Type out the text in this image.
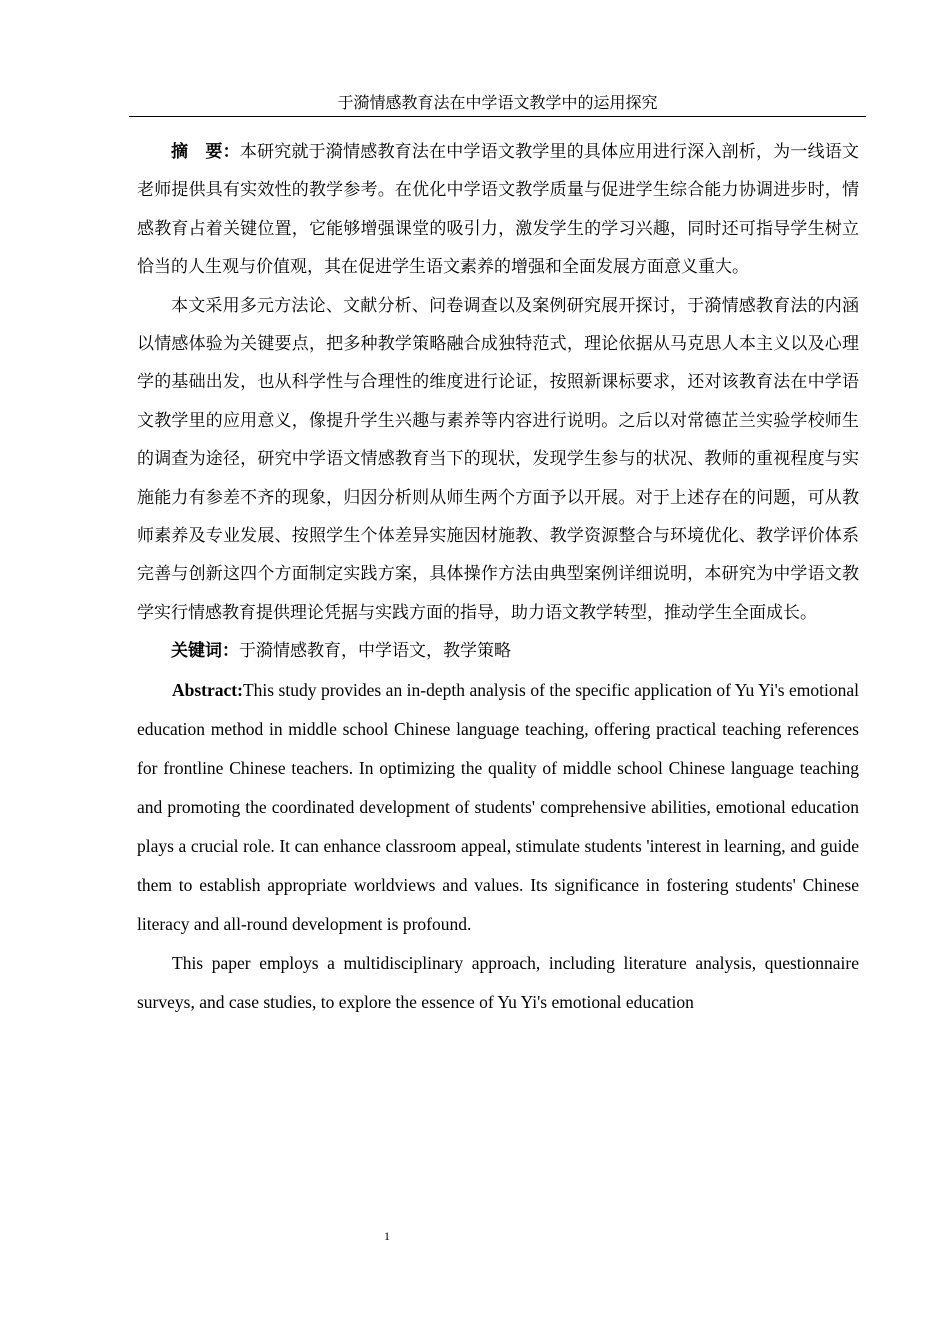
于漪情感教育法在中学语文教学中的运用探究

摘　要：本研究就于漪情感教育法在中学语文教学里的具体应用进行深入剖析，为一线语文老师提供具有实效性的教学参考。在优化中学语文教学质量与促进学生综合能力协调进步时，情感教育占着关键位置，它能够增强课堂的吸引力，激发学生的学习兴趣，同时还可指导学生树立恰当的人生观与价值观，其在促进学生语文素养的增强和全面发展方面意义重大。

本文采用多元方法论、文献分析、问卷调查以及案例研究展开探讨，于漪情感教育法的内涵以情感体验为关键要点，把多种教学策略融合成独特范式，理论依据从马克思人本主义以及心理学的基础出发，也从科学性与合理性的维度进行论证，按照新课标要求，还对该教育法在中学语文教学里的应用意义，像提升学生兴趣与素养等内容进行说明。之后以对常德芷兰实验学校师生的调查为途径，研究中学语文情感教育当下的现状，发现学生参与的状况、教师的重视程度与实施能力有参差不齐的现象，归因分析则从师生两个方面予以开展。对于上述存在的问题，可从教师素养及专业发展、按照学生个体差异实施因材施教、教学资源整合与环境优化、教学评价体系完善与创新这四个方面制定实践方案，具体操作方法由典型案例详细说明，本研究为中学语文教学实行情感教育提供理论凭据与实践方面的指导，助力语文教学转型，推动学生全面成长。

关键词：于漪情感教育，中学语文，教学策略

Abstract:This study provides an in-depth analysis of the specific application of Yu Yi's emotional education method in middle school Chinese language teaching, offering practical teaching references for frontline Chinese teachers. In optimizing the quality of middle school Chinese language teaching and promoting the coordinated development of students' comprehensive abilities, emotional education plays a crucial role. It can enhance classroom appeal, stimulate students 'interest in learning, and guide them to establish appropriate worldviews and values. Its significance in fostering students' Chinese literacy and all-round development is profound.

This paper employs a multidisciplinary approach, including literature analysis, questionnaire surveys, and case studies, to explore the essence of Yu Yi's emotional education

1
